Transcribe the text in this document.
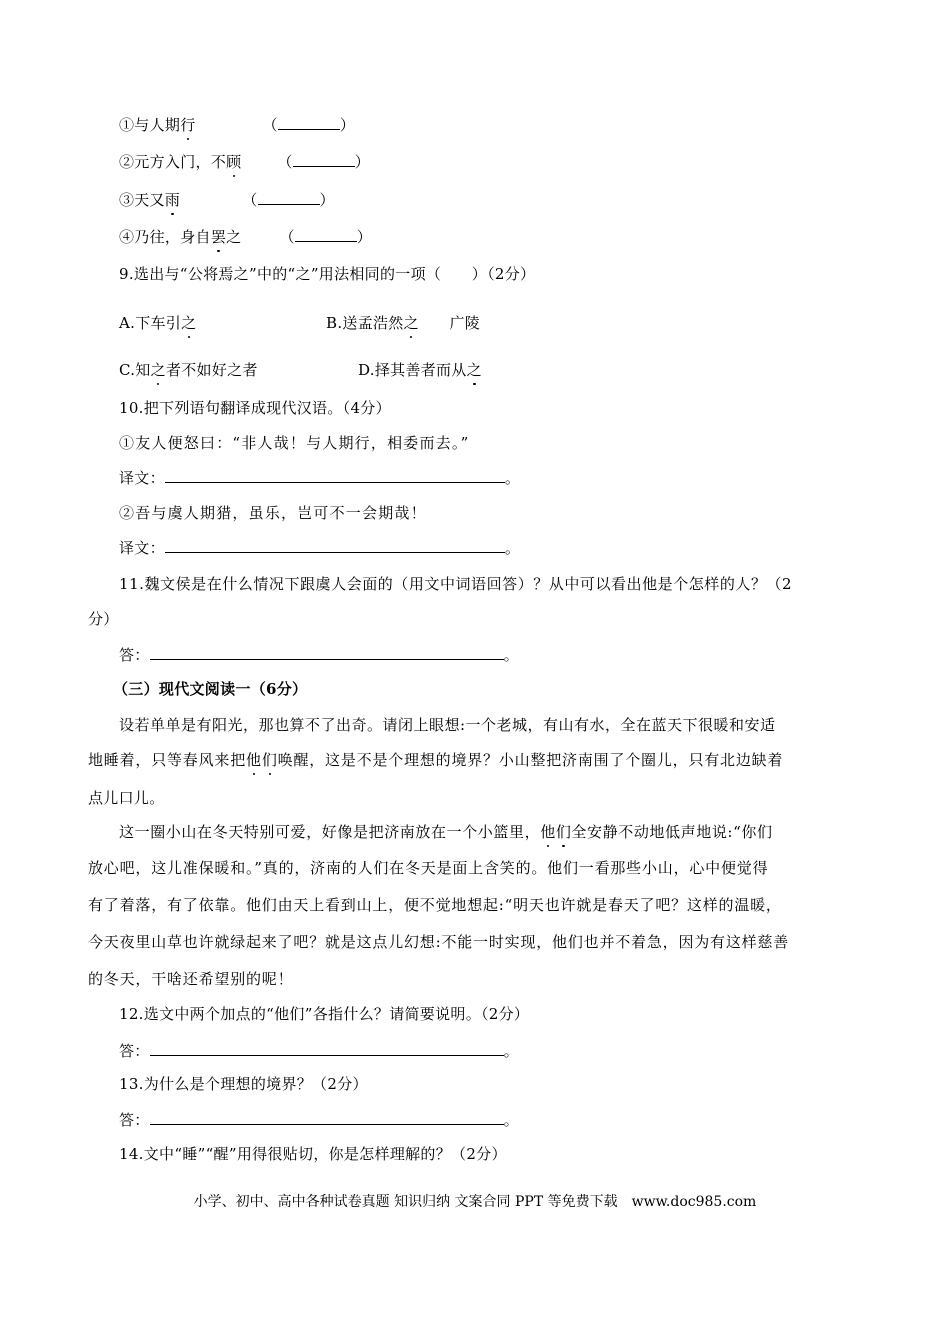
①与人期行	（	）
②元方入门，不顾 （	）
③天又雨	（	）
④乃往，身自罢之	（	）
9.选出与“公将焉之”中的“之”用法相同的一项（　　）（2分）
A.下车引之	B.送孟浩然之　　广陵
C.知之者不如好之者	D.择其善者而从之
10.把下列语句翻译成现代汉语。（4分）
①友人便怒曰：“非人哉！与人期行，相委而去。”
译文：	。
②吾与虞人期猎，虽乐，岂可不一会期哉！
译文：	。
11.魏文侯是在什么情况下跟虞人会面的（用文中词语回答）？从中可以看出他是个怎样的人？（2
分）
答：	。
（三）现代文阅读一（6分）
设若单单是有阳光，那也算不了出奇。请闭上眼想:一个老城，有山有水，全在蓝天下很暖和安适
地睡着，只等春风来把他们唤醒，这是不是个理想的境界？小山整把济南围了个圈儿，只有北边缺着
点儿口儿。
这一圈小山在冬天特别可爱，好像是把济南放在一个小篮里，他们全安静不动地低声地说:“你们
放心吧，这儿准保暖和。”真的，济南的人们在冬天是面上含笑的。他们一看那些小山，心中便觉得
有了着落，有了依靠。他们由天上看到山上，便不觉地想起:“明天也许就是春天了吧？这样的温暖，
今天夜里山草也许就绿起来了吧？就是这点儿幻想:不能一时实现，他们也并不着急，因为有这样慈善
的冬天，干啥还希望别的呢！
12.选文中两个加点的“他们”各指什么？请简要说明。（2分）
答：	。
13.为什么是个理想的境界？（2分）
答：	。
14.文中“睡”“醒”用得很贴切，你是怎样理解的？（2分）
小学、初中、高中各种试卷真题 知识归纳 文案合同 PPT 等免费下载　www.doc985.com
